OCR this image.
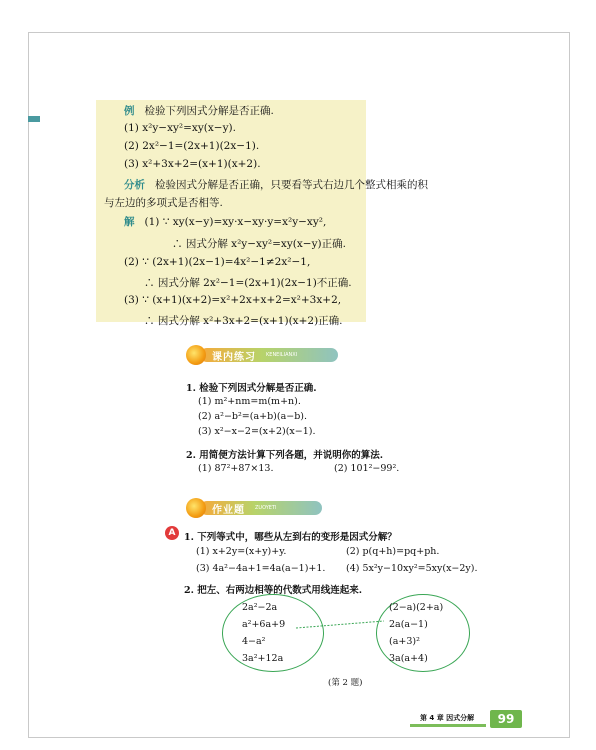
例 检验下列因式分解是否正确.
(1) x²y−xy²=xy(x−y).
(2) 2x²−1=(2x+1)(2x−1).
(3) x²+3x+2=(x+1)(x+2).
分析 检验因式分解是否正确，只要看等式右边几个整式相乘的积
与左边的多项式是否相等.
解 (1) ∵ xy(x−y)=xy·x−xy·y=x²y−xy²,
∴ 因式分解 x²y−xy²=xy(x−y)正确.
(2) ∵ (2x+1)(2x−1)=4x²−1≠2x²−1,
∴ 因式分解 2x²−1=(2x+1)(2x−1)不正确.
(3) ∵ (x+1)(x+2)=x²+2x+x+2=x²+3x+2,
∴ 因式分解 x²+3x+2=(x+1)(x+2)正确.
课内练习 KENEILIANXI
1. 检验下列因式分解是否正确.
(1) m²+nm=m(m+n).
(2) a²−b²=(a+b)(a−b).
(3) x²−x−2=(x+2)(x−1).
2. 用简便方法计算下列各题，并说明你的算法.
(1) 87²+87×13.	(2) 101²−99².
作业题 ZUOYETI
A 1. 下列等式中，哪些从左到右的变形是因式分解？
(1) x+2y=(x+y)+y.	(2) p(q+h)=pq+ph.
(3) 4a²−4a+1=4a(a−1)+1. (4) 5x²y−10xy²=5xy(x−2y).
2. 把左、右两边相等的代数式用线连起来.
2a²−2a
a²+6a+9
4−a²
3a²+12a
(2−a)(2+a)
2a(a−1)
(a+3)²
3a(a+4)
(第 2 题)
第 4 章 因式分解	99
